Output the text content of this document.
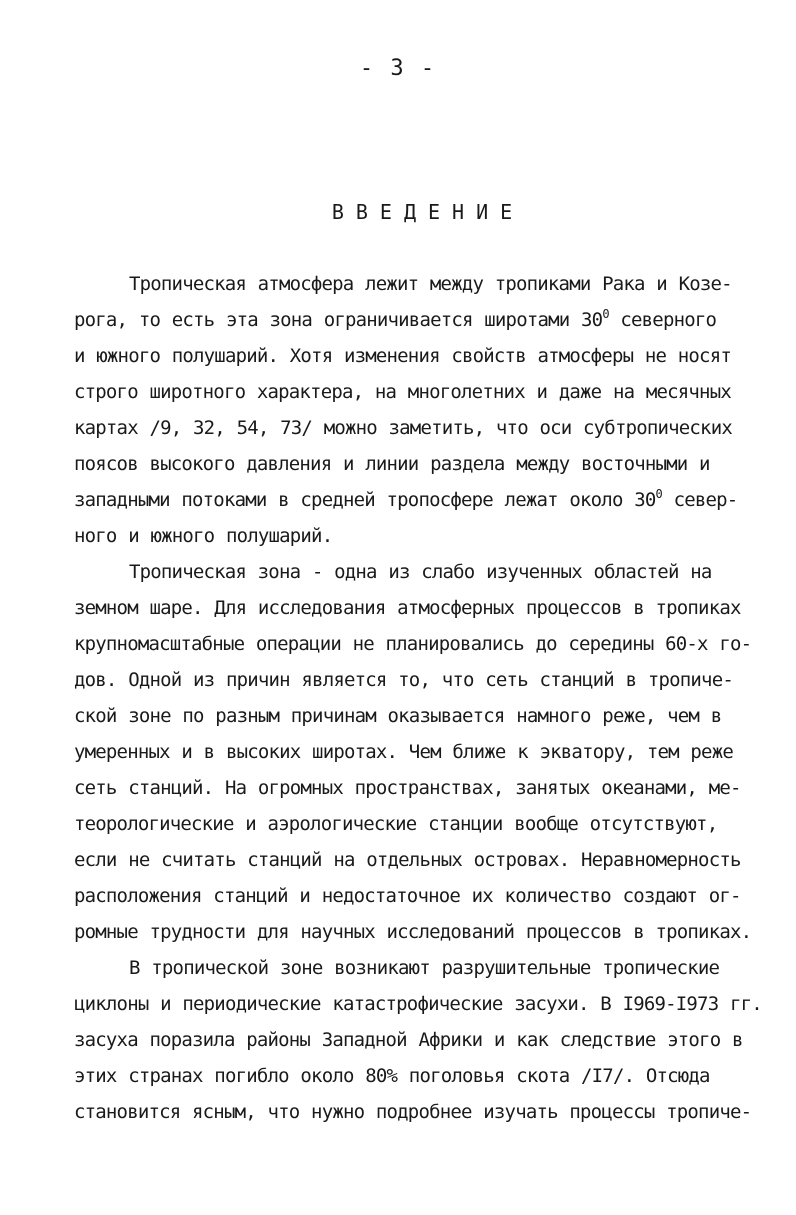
- 3 -
ВВЕДЕНИЕ
Тропическая атмосфера лежит между тропиками Рака и Козе-
рога, то есть эта зона ограничивается широтами $30^0$ северного
и южного полушарий. Хотя изменения свойств атмосферы не носят
строго широтного характера, на многолетних и даже на месячных
картах /9, 32, 54, 73/ можно заметить, что оси субтропических
поясов высокого давления и линии раздела между восточными и
западными потоками в средней тропосфере лежат около $30^0$ север-
ного и южного полушарий.
Тропическая зона - одна из слабо изученных областей на
земном шаре. Для исследования атмосферных процессов в тропиках
крупномасштабные операции не планировались до середины 60-х го-
дов. Одной из причин является то, что сеть станций в тропиче-
ской зоне по разным причинам оказывается намного реже, чем в
умеренных и в высоких широтах. Чем ближе к экватору, тем реже
сеть станций. На огромных пространствах, занятых океанами, ме-
теорологические и аэрологические станции вообще отсутствуют,
если не считать станций на отдельных островах. Неравномерность
расположения станций и недостаточное их количество создают ог-
ромные трудности для научных исследований процессов в тропиках.
В тропической зоне возникают разрушительные тропические
циклоны и периодические катастрофические засухи. В I969-I973 гг.
засуха поразила районы Западной Африки и как следствие этого в
этих странах погибло около 80% поголовья скота /I7/. Отсюда
становится ясным, что нужно подробнее изучать процессы тропиче-
